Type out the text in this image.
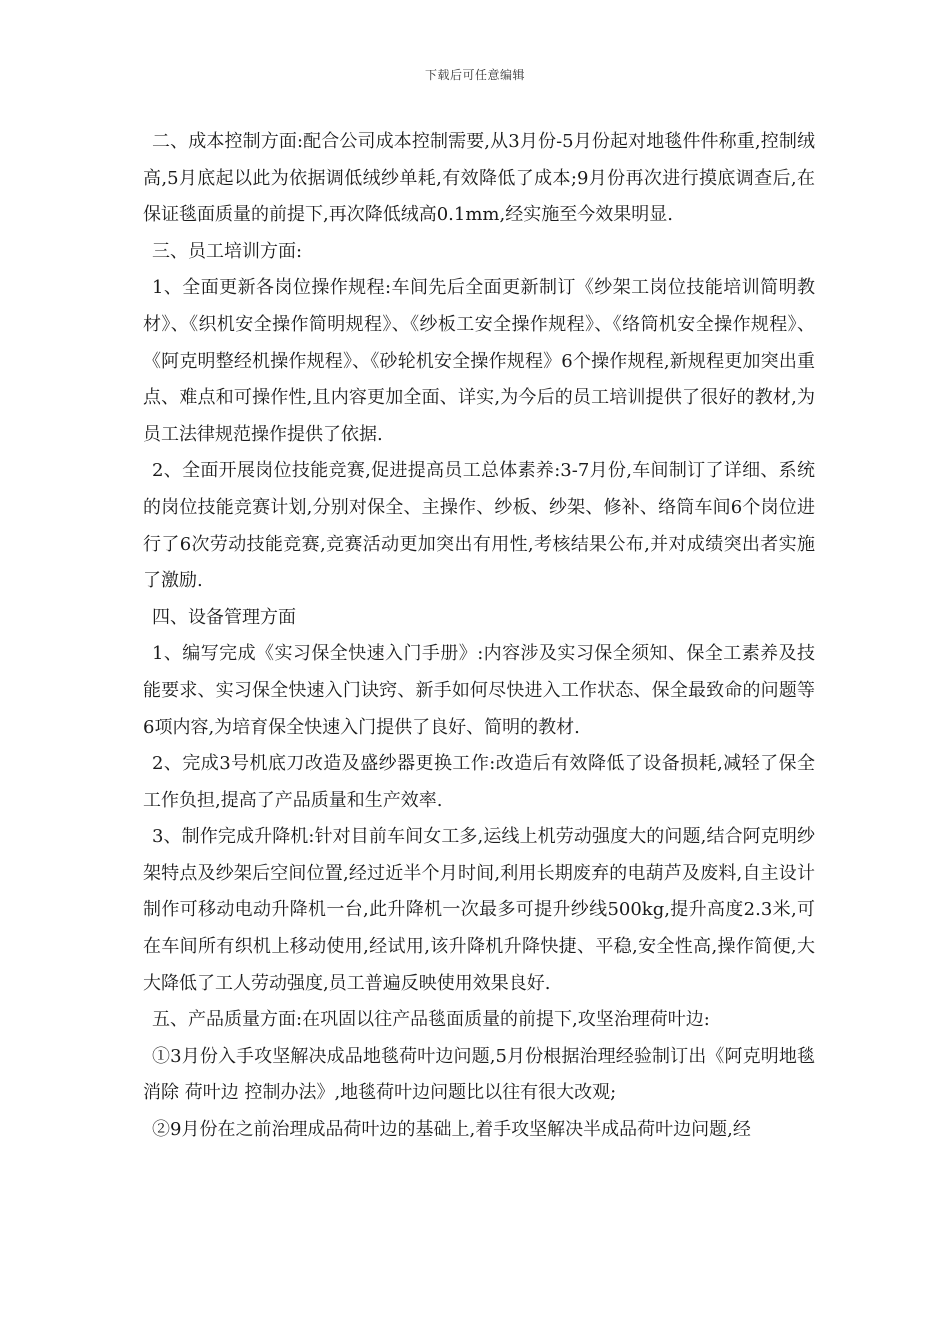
下载后可任意编辑

二、成本控制方面:配合公司成本控制需要,从3月份-5月份起对地毯件件称重,控制绒高,5月底起以此为依据调低绒纱单耗,有效降低了成本;9月份再次进行摸底调查后,在保证毯面质量的前提下,再次降低绒高0.1mm,经实施至今效果明显.

三、员工培训方面:

1、全面更新各岗位操作规程:车间先后全面更新制订《纱架工岗位技能培训简明教材》、《织机安全操作简明规程》、《纱板工安全操作规程》、《络筒机安全操作规程》、《阿克明整经机操作规程》、《砂轮机安全操作规程》6个操作规程,新规程更加突出重点、难点和可操作性,且内容更加全面、详实,为今后的员工培训提供了很好的教材,为员工法律规范操作提供了依据.

2、全面开展岗位技能竞赛,促进提高员工总体素养:3-7月份,车间制订了详细、系统的岗位技能竞赛计划,分别对保全、主操作、纱板、纱架、修补、络筒车间6个岗位进行了6次劳动技能竞赛,竞赛活动更加突出有用性,考核结果公布,并对成绩突出者实施了激励.

四、设备管理方面

1、编写完成《实习保全快速入门手册》:内容涉及实习保全须知、保全工素养及技能要求、实习保全快速入门诀窍、新手如何尽快进入工作状态、保全最致命的问题等6项内容,为培育保全快速入门提供了良好、简明的教材.

2、完成3号机底刀改造及盛纱器更换工作:改造后有效降低了设备损耗,减轻了保全工作负担,提高了产品质量和生产效率.

3、制作完成升降机:针对目前车间女工多,运线上机劳动强度大的问题,结合阿克明纱架特点及纱架后空间位置,经过近半个月时间,利用长期废弃的电葫芦及废料,自主设计制作可移动电动升降机一台,此升降机一次最多可提升纱线500kg,提升高度2.3米,可在车间所有织机上移动使用,经试用,该升降机升降快捷、平稳,安全性高,操作简便,大大降低了工人劳动强度,员工普遍反映使用效果良好.

五、产品质量方面:在巩固以往产品毯面质量的前提下,攻坚治理荷叶边:

①3月份入手攻坚解决成品地毯荷叶边问题,5月份根据治理经验制订出《阿克明地毯消除 荷叶边 控制办法》,地毯荷叶边问题比以往有很大改观;

②9月份在之前治理成品荷叶边的基础上,着手攻坚解决半成品荷叶边问题,经
